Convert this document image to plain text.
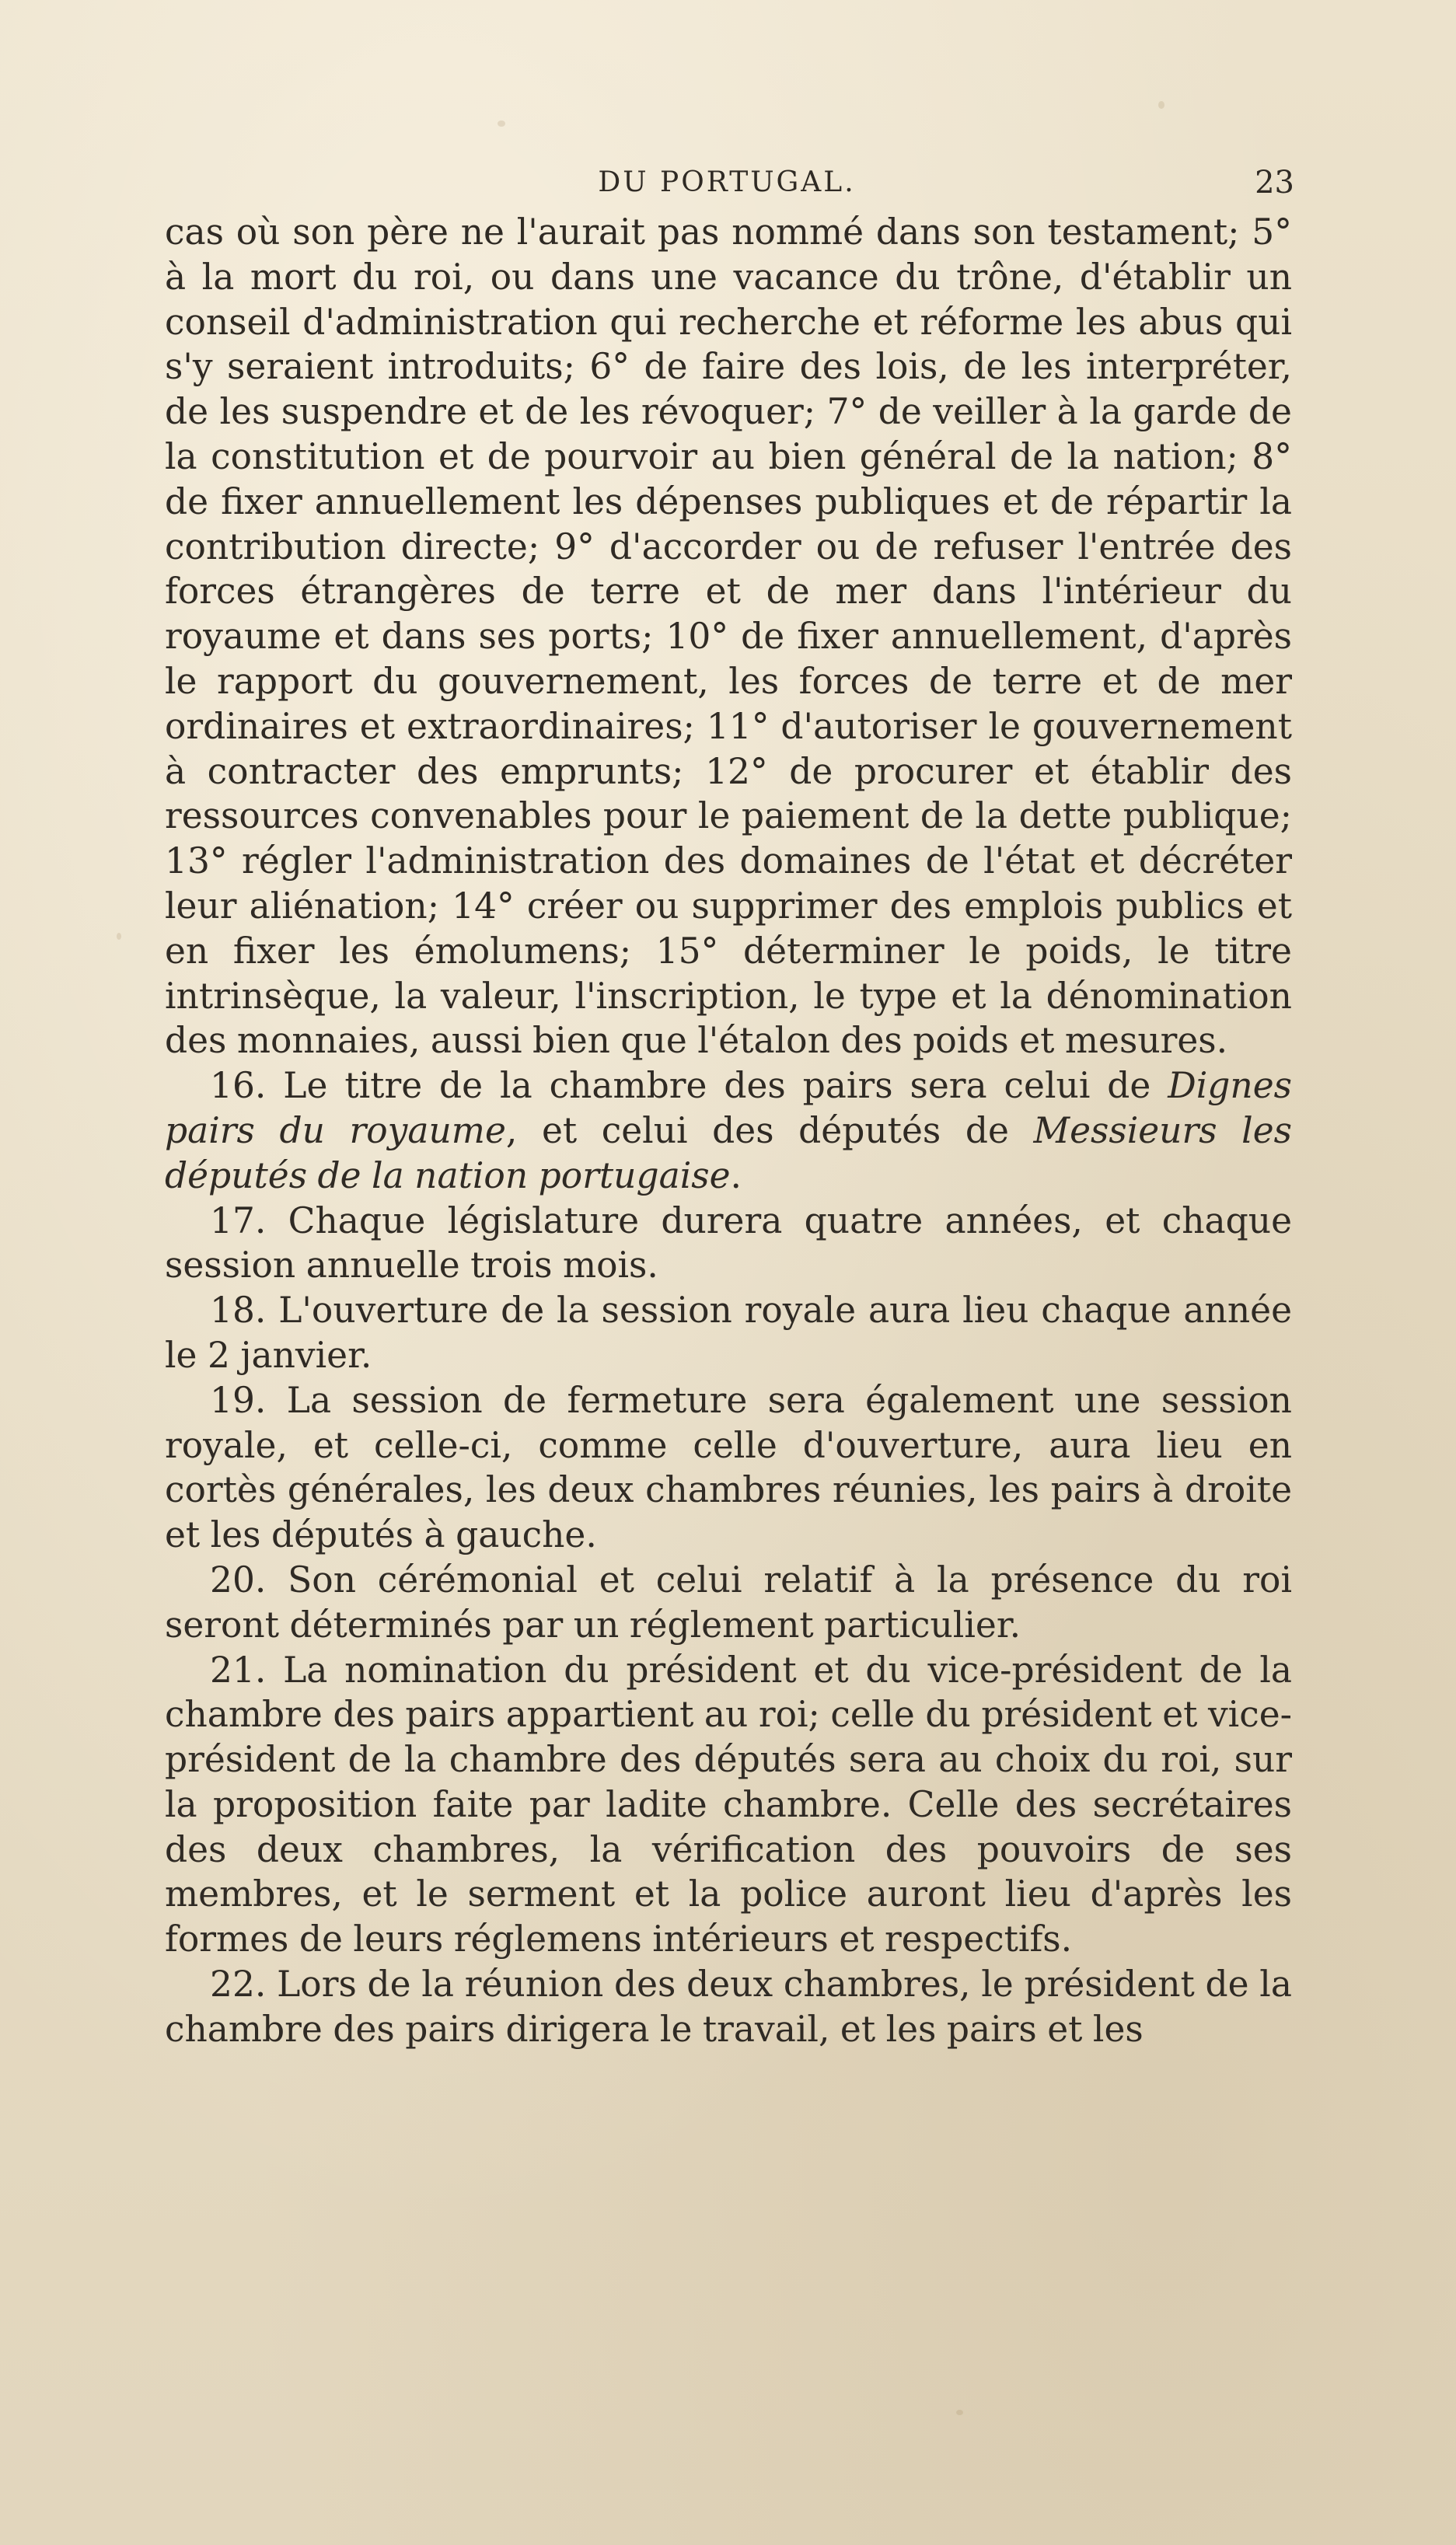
DU PORTUGAL.	23

cas où son père ne l'aurait pas nommé dans son testament; 5° à la mort du roi, ou dans une vacance du trône, d'établir un conseil d'administration qui recherche et réforme les abus qui s'y seraient introduits; 6° de faire des lois, de les interpréter, de les suspendre et de les révoquer; 7° de veiller à la garde de la constitution et de pourvoir au bien général de la nation; 8° de fixer annuellement les dépenses publiques et de répartir la contribution directe; 9° d'accorder ou de refuser l'entrée des forces étrangères de terre et de mer dans l'intérieur du royaume et dans ses ports; 10° de fixer annuellement, d'après le rapport du gouvernement, les forces de terre et de mer ordinaires et extraordinaires; 11° d'autoriser le gouvernement à contracter des emprunts; 12° de procurer et établir des ressources convenables pour le paiement de la dette publique; 13° régler l'administration des domaines de l'état et décréter leur aliénation; 14° créer ou supprimer des emplois publics et en fixer les émolumens; 15° déterminer le poids, le titre intrinsèque, la valeur, l'inscription, le type et la dénomination des monnaies, aussi bien que l'étalon des poids et mesures.

16. Le titre de la chambre des pairs sera celui de Dignes pairs du royaume, et celui des députés de Messieurs les députés de la nation portugaise.

17. Chaque législature durera quatre années, et chaque session annuelle trois mois.

18. L'ouverture de la session royale aura lieu chaque année le 2 janvier.

19. La session de fermeture sera également une session royale, et celle-ci, comme celle d'ouverture, aura lieu en cortès générales, les deux chambres réunies, les pairs à droite et les députés à gauche.

20. Son cérémonial et celui relatif à la présence du roi seront déterminés par un réglement particulier.

21. La nomination du président et du vice-président de la chambre des pairs appartient au roi; celle du président et vice-président de la chambre des députés sera au choix du roi, sur la proposition faite par ladite chambre. Celle des secrétaires des deux chambres, la vérification des pouvoirs de ses membres, et le serment et la police auront lieu d'après les formes de leurs réglemens intérieurs et respectifs.

22. Lors de la réunion des deux chambres, le président de la chambre des pairs dirigera le travail, et les pairs et les
